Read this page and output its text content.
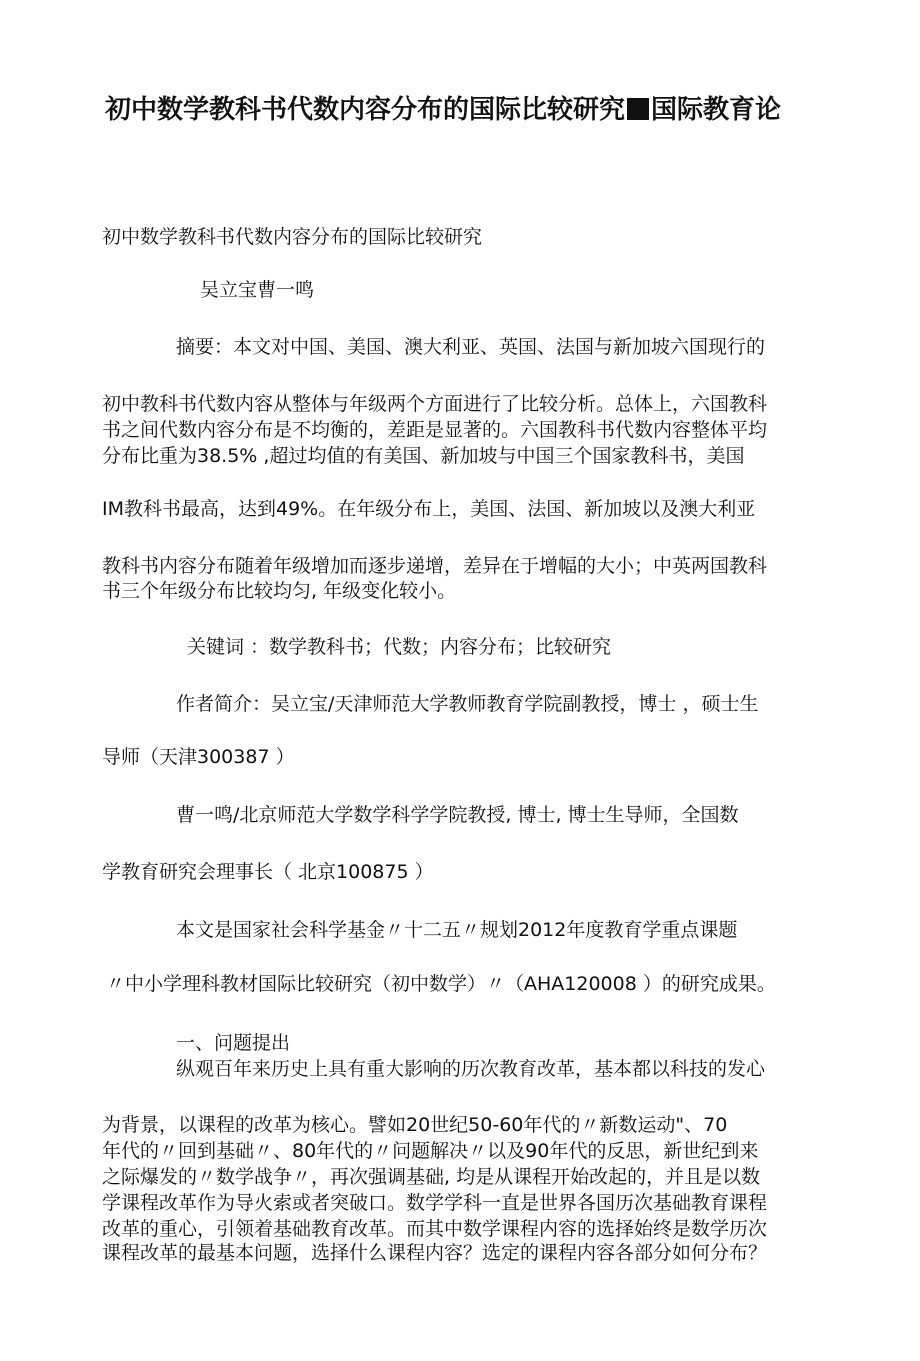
初中数学教科书代数内容分布的国际比较研究 国际教育论
初中数学教科书代数内容分布的国际比较研究
吴立宝曹一鸣
摘要：本文对中国、美国、澳大利亚、英国、法国与新加坡六国现行的
初中教科书代数内容从整体与年级两个方面进行了比较分析。总体上，六国教科
书之间代数内容分布是不均衡的，差距是显著的。六国教科书代数内容整体平均
分布比重为38.5% ,超过均值的有美国、新加坡与中国三个国家教科书，美国
IM教科书最高，达到49%。在年级分布上，美国、法国、新加坡以及澳大利亚
教科书内容分布随着年级增加而逐步递增，差异在于增幅的大小；中英两国教科
书三个年级分布比较均匀, 年级变化较小。
关键词 ：数学教科书；代数；内容分布；比较研究
作者简介：吴立宝/天津师范大学教师教育学院副教授，博士 ，硕士生
导师（天津300387 ）
曹一鸣/北京师范大学数学科学学院教授, 博士, 博士生导师，全国数
学教育研究会理事长（ 北京100875 ）
本文是国家社会科学基金〃十二五〃规划2012年度教育学重点课题
〃中小学理科教材国际比较研究（初中数学）〃（AHA120008 ）的研究成果。
一、问题提出
纵观百年来历史上具有重大影响的历次教育改革，基本都以科技的发心
为背景，以课程的改革为核心。譬如20世纪50-60年代的〃新数运动"、70
年代的〃回到基础〃、80年代的〃问题解决〃以及90年代的反思，新世纪到来
之际爆发的〃数学战争〃，再次强调基础, 均是从课程开始改起的，并且是以数
学课程改革作为导火索或者突破口。数学学科一直是世界各国历次基础教育课程
改革的重心，引领着基础教育改革。而其中数学课程内容的选择始终是数学历次
课程改革的最基本问题，选择什么课程内容？选定的课程内容各部分如何分布？
